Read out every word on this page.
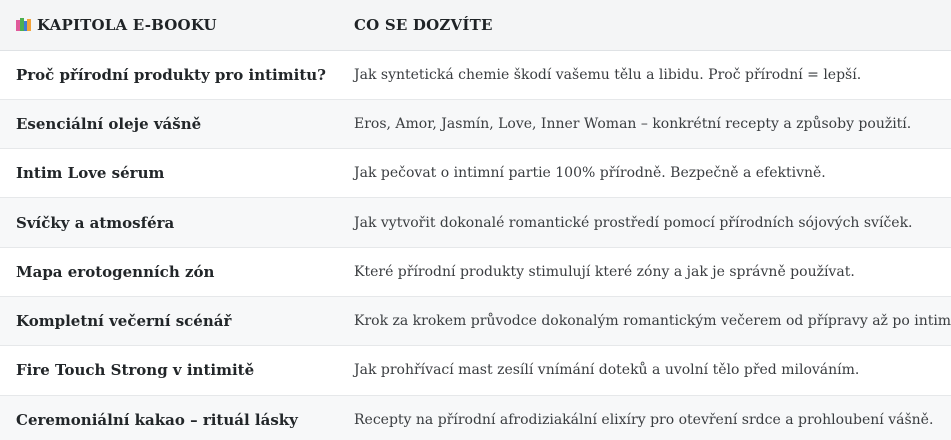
KAPITOLA E-BOOKU	CO SE DOZVÍTE
Proč přírodní produkty pro intimitu?	Jak syntetická chemie škodí vašemu tělu a libidu. Proč přírodní = lepší.
Esenciální oleje vášně	Eros, Amor, Jasmín, Love, Inner Woman – konkrétní recepty a způsoby použití.
Intim Love sérum	Jak pečovat o intimní partie 100% přírodně. Bezpečně a efektivně.
Svíčky a atmosféra	Jak vytvořit dokonalé romantické prostředí pomocí přírodních sójových svíček.
Mapa erotogenních zón	Které přírodní produkty stimulují které zóny a jak je správně používat.
Kompletní večerní scénář	Krok za krokem průvodce dokonalým romantickým večerem od přípravy až po intim
Fire Touch Strong v intimitě	Jak prohřívací mast zesílí vnímání doteků a uvolní tělo před milováním.
Ceremoniální kakao – rituál lásky	Recepty na přírodní afrodiziakální elixíry pro otevření srdce a prohloubení vášně.
